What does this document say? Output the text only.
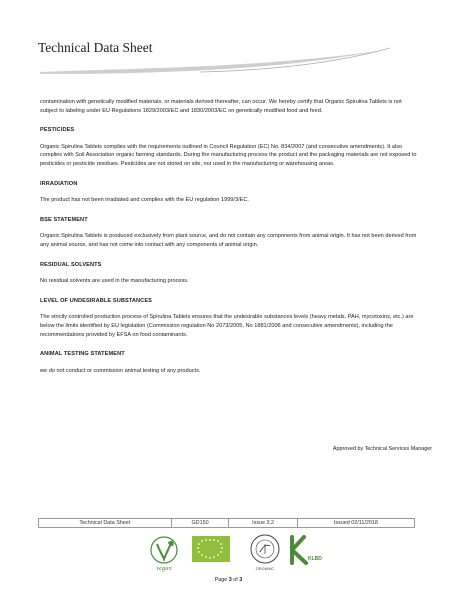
Technical Data Sheet

contamination with genetically modified materials, or materials derived thereafter, can occur. We hereby certify that Organic Spirulina Tablets is not subject to labeling under EU Regulations 1829/2003/EC and 1830/2003/EC on genetically modified food and feed.

PESTICIDES

Organic Spirulina Tablets complies with the requirements outlined in Council Regulation (EC) No. 834/2007 (and consecutive amendments). It also complies with Soil Association organic farming standards. During the manufacturing process the product and the packaging materials are not exposed to pesticides or pesticide residues. Pesticides are not stored on site, nor used in the manufacturing or warehousing areas.

IRRADIATION

The product has not been irradiated and complies with the EU regulation 1999/3/EC.

BSE STATEMENT

Organic Spirulina Tablets is produced exclusively from plant source, and do not contain any components from animal origin. It has not been derived from any animal source, and has not come into contact with any components of animal origin.

RESIDUAL SOLVENTS

No residual solvents are used in the manufacturing process.

LEVEL OF UNDESIRABLE SUBSTANCES

The strictly controlled production process of Spirulina Tablets ensures that the undesirable substances levels (heavy metals, PAH, mycotoxins, etc.) are below the limits identified by EU legislation (Commission regulation No 2073/2005, No 1881/2006 and consecutive amendments), including the recommendations provided by EFSA on food contaminants.

ANIMAL TESTING STATEMENT

we do not conduct or commission animal testing of any products.

Approved by Technical Services Manager
Technical Data Sheet	GD150	Issue 3.2	Issued 02/11/2018
vegan	ORGANIC
KLBD
Page 3 of 3
